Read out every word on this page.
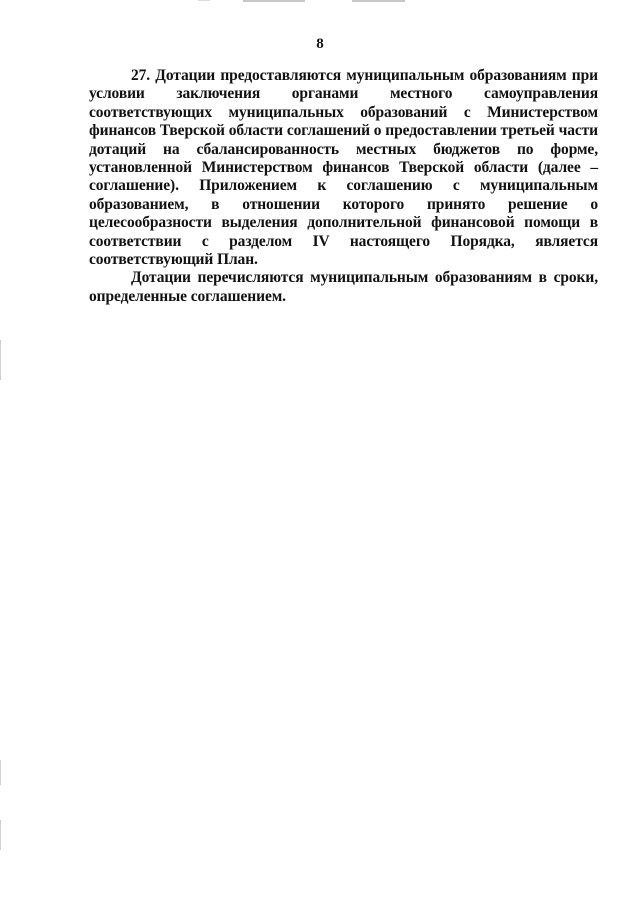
8

27. Дотации предоставляются муниципальным образованиям при условии заключения органами местного самоуправления соответствующих муниципальных образований с Министерством финансов Тверской области соглашений о предоставлении третьей части дотаций на сбалансированность местных бюджетов по форме, установленной Министерством финансов Тверской области (далее – соглашение). Приложением к соглашению с муниципальным образованием, в отношении которого принято решение о целесообразности выделения дополнительной финансовой помощи в соответствии с разделом IV настоящего Порядка, является соответствующий План.

Дотации перечисляются муниципальным образованиям в сроки, определенные соглашением.
